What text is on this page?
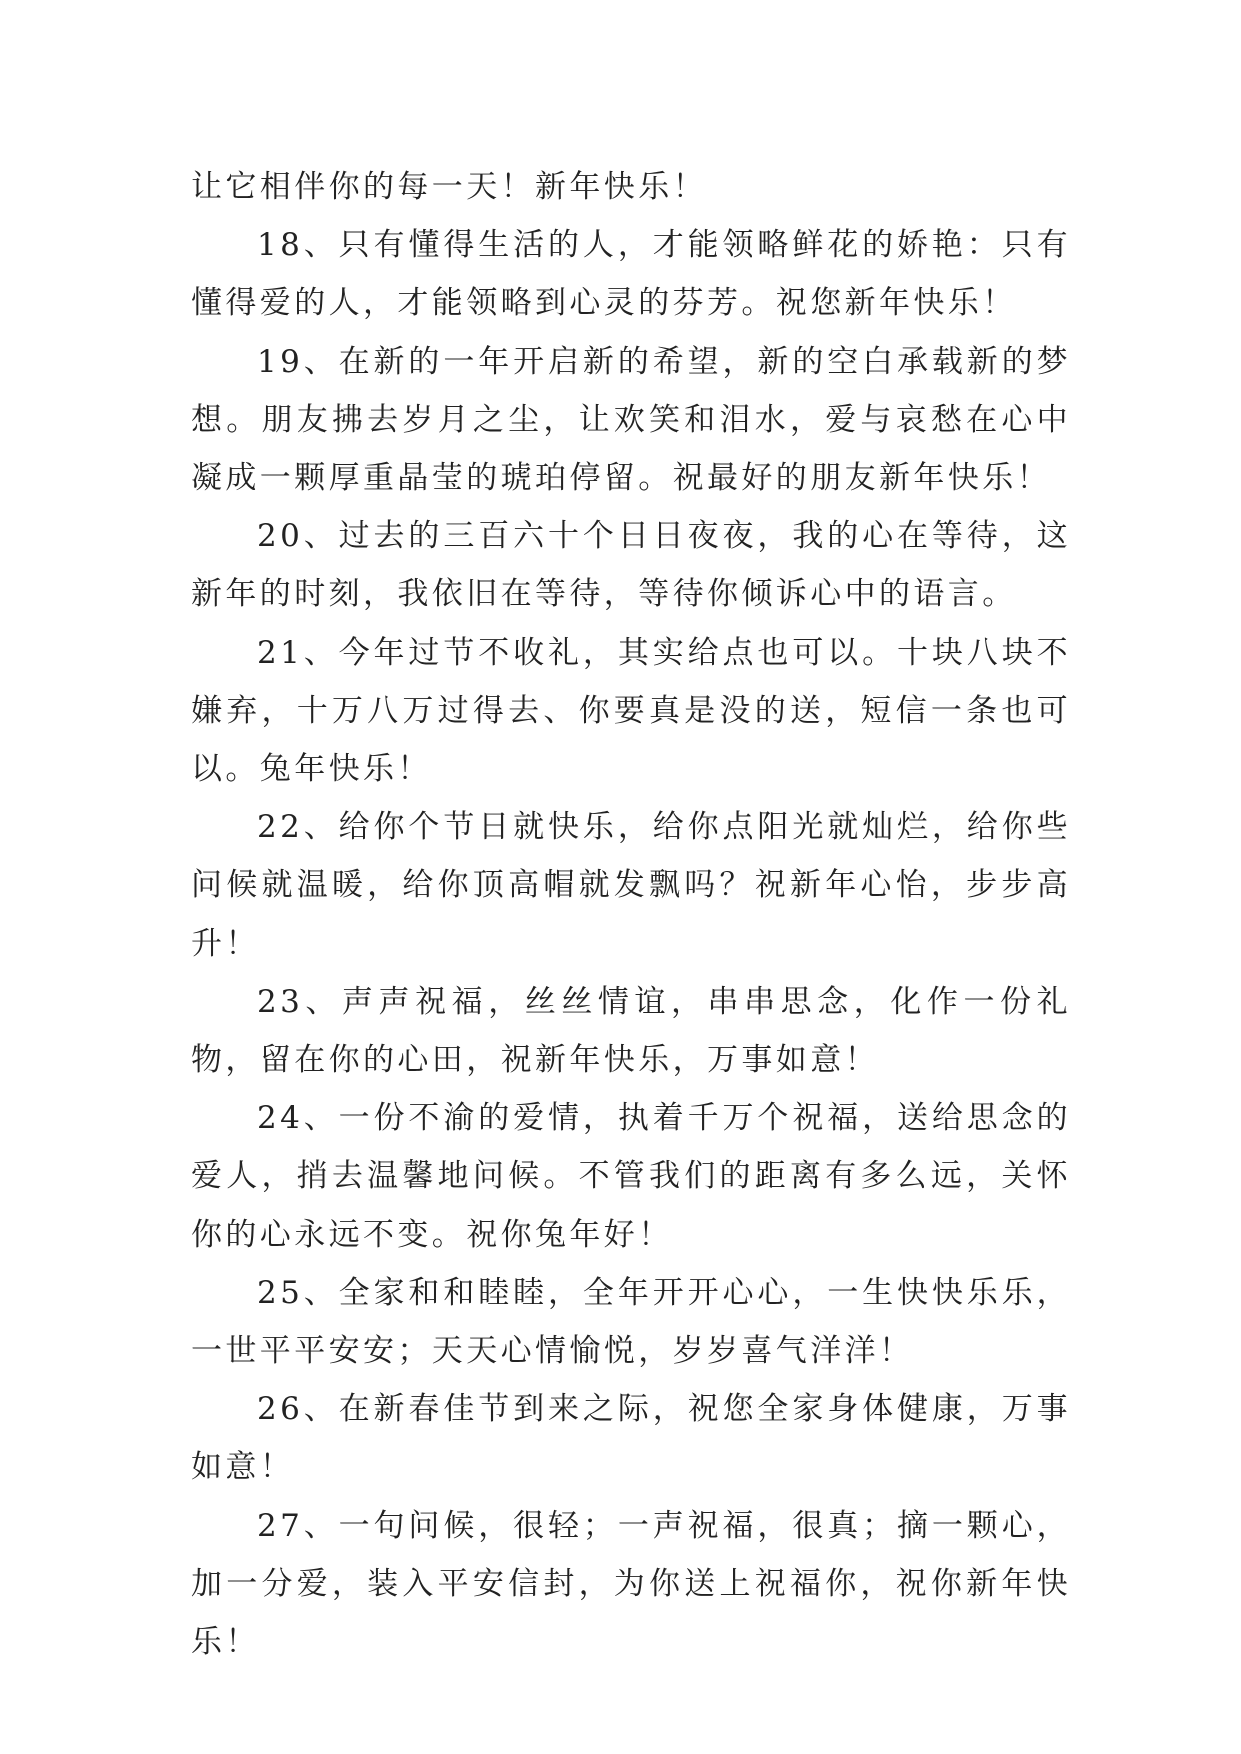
让它相伴你的每一天！新年快乐！

18、只有懂得生活的人，才能领略鲜花的娇艳：只有懂得爱的人，才能领略到心灵的芬芳。祝您新年快乐！

19、在新的一年开启新的希望，新的空白承载新的梦想。朋友拂去岁月之尘，让欢笑和泪水，爱与哀愁在心中凝成一颗厚重晶莹的琥珀停留。祝最好的朋友新年快乐！

20、过去的三百六十个日日夜夜，我的心在等待，这新年的时刻，我依旧在等待，等待你倾诉心中的语言。

21、今年过节不收礼，其实给点也可以。十块八块不嫌弃，十万八万过得去、你要真是没的送，短信一条也可以。兔年快乐！

22、给你个节日就快乐，给你点阳光就灿烂，给你些问候就温暖，给你顶高帽就发飘吗？祝新年心怡，步步高升！

23、声声祝福，丝丝情谊，串串思念，化作一份礼物，留在你的心田，祝新年快乐，万事如意！

24、一份不渝的爱情，执着千万个祝福，送给思念的爱人，捎去温馨地问候。不管我们的距离有多么远，关怀你的心永远不变。祝你兔年好！

25、全家和和睦睦，全年开开心心，一生快快乐乐，一世平平安安；天天心情愉悦，岁岁喜气洋洋！

26、在新春佳节到来之际，祝您全家身体健康，万事如意！

27、一句问候，很轻；一声祝福，很真；摘一颗心，加一分爱，装入平安信封，为你送上祝福你，祝你新年快乐！
